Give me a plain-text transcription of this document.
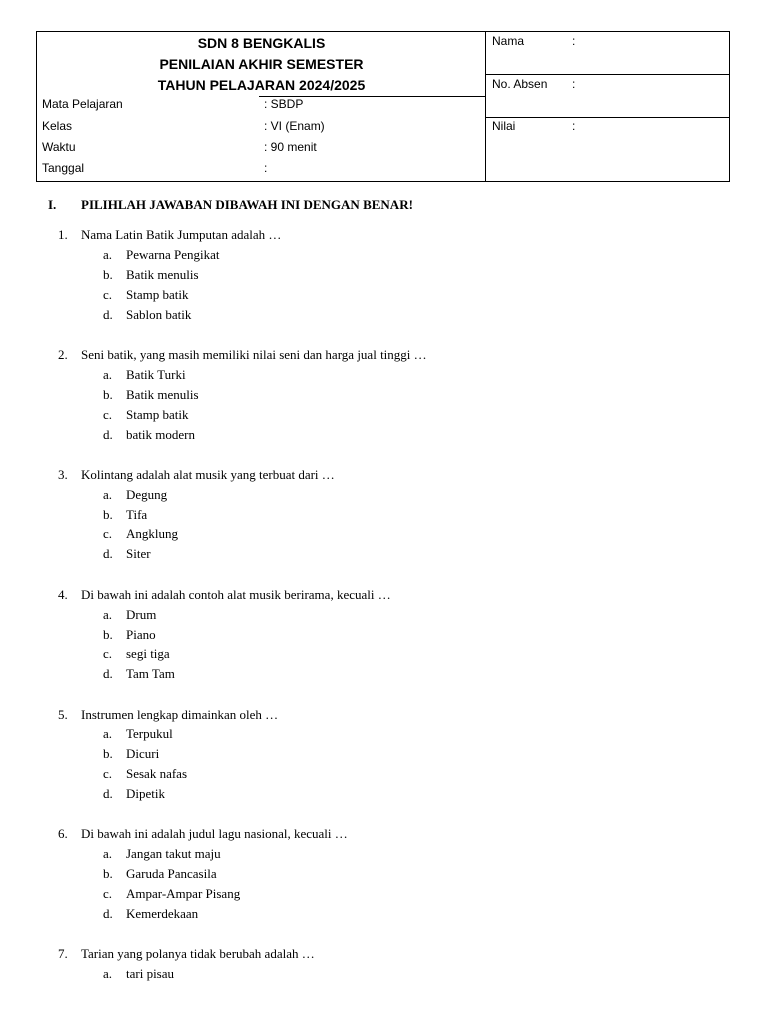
SDN 8 BENGKALIS
PENILAIAN AKHIR SEMESTER
TAHUN PELAJARAN 2024/2025
Mata Pelajaran	: SBDP
Kelas	: VI (Enam)
Waktu	: 90 menit
Tanggal	:
Nama	:
No. Absen :
Nilai	:
I. PILIHLAH JAWABAN DIBAWAH INI DENGAN BENAR!
1. Nama Latin Batik Jumputan adalah …
a. Pewarna Pengikat
b. Batik menulis
c. Stamp batik
d. Sablon batik
2. Seni batik, yang masih memiliki nilai seni dan harga jual tinggi …
a. Batik Turki
b. Batik menulis
c. Stamp batik
d. batik modern
3. Kolintang adalah alat musik yang terbuat dari …
a. Degung
b. Tifa
c. Angklung
d. Siter
4. Di bawah ini adalah contoh alat musik berirama, kecuali …
a. Drum
b. Piano
c. segi tiga
d. Tam Tam
5. Instrumen lengkap dimainkan oleh …
a. Terpukul
b. Dicuri
c. Sesak nafas
d. Dipetik
6. Di bawah ini adalah judul lagu nasional, kecuali …
a. Jangan takut maju
b. Garuda Pancasila
c. Ampar-Ampar Pisang
d. Kemerdekaan
7. Tarian yang polanya tidak berubah adalah …
a. tari pisau
